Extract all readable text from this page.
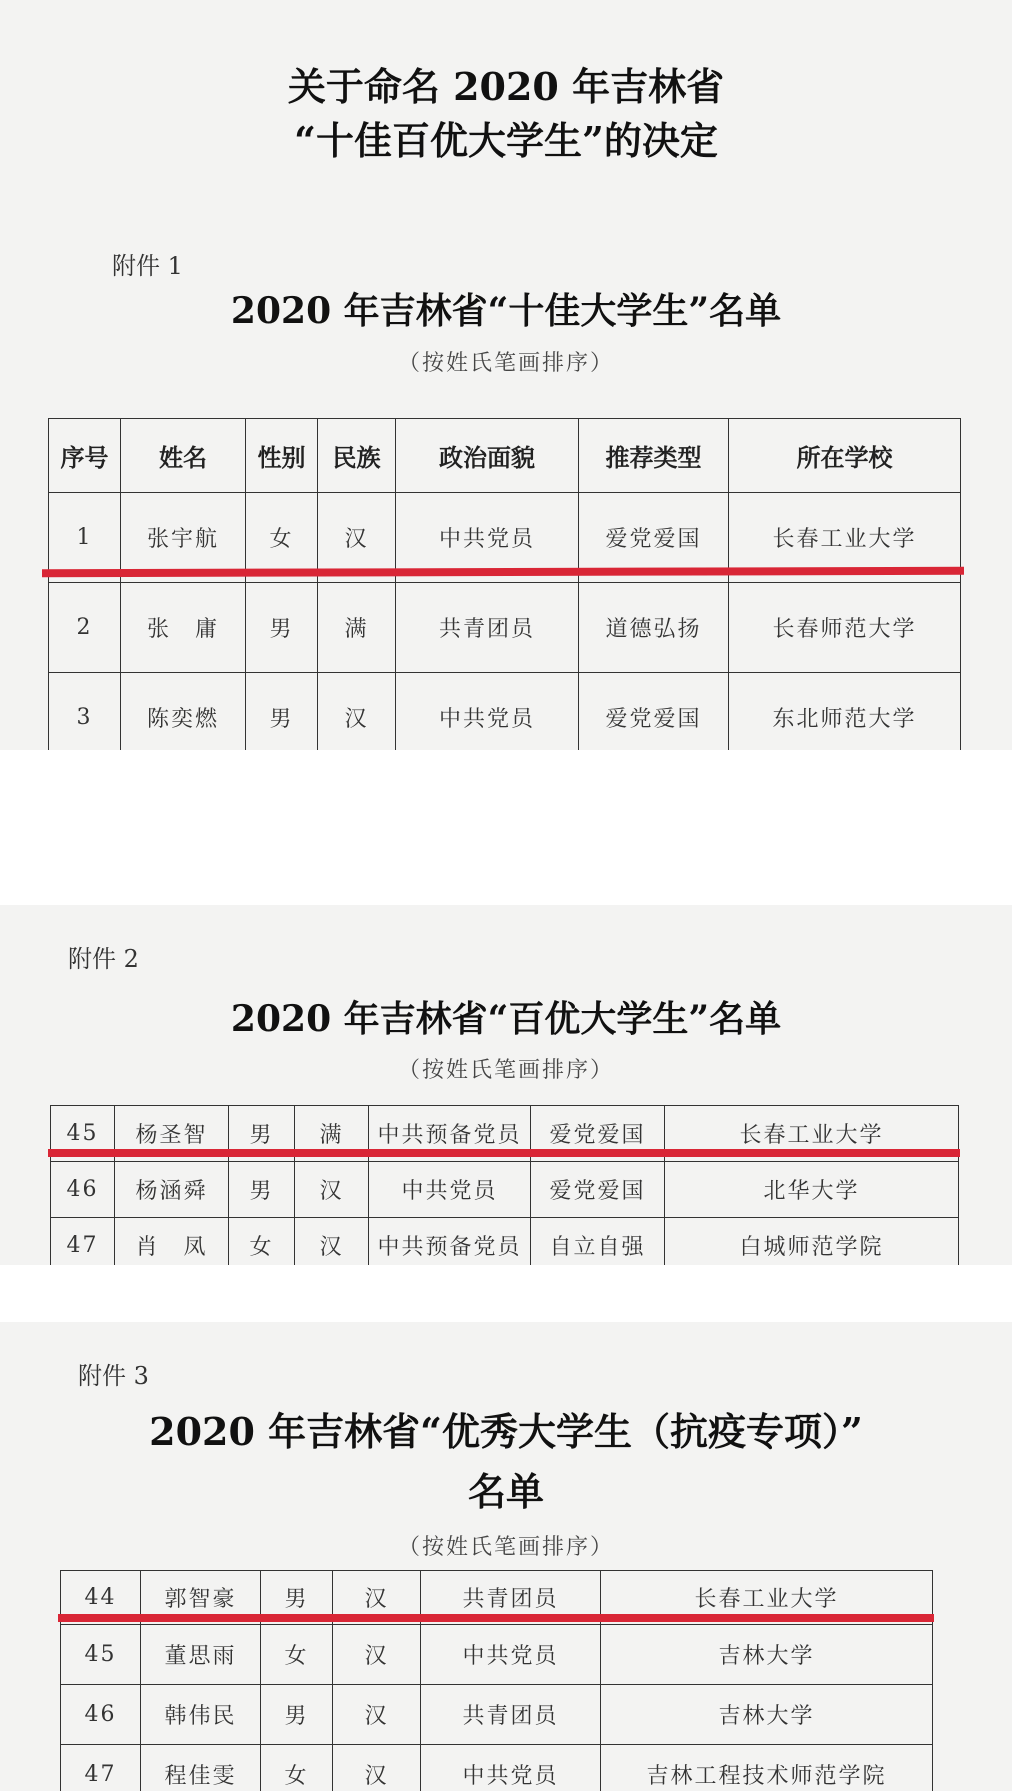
关于命名 2020 年吉林省
“十佳百优大学生”的决定
附件 1
2020 年吉林省“十佳大学生”名单
（按姓氏笔画排序）
序号	姓名	性别	民族	政治面貌	推荐类型	所在学校
1	张宇航	女	汉	中共党员	爱党爱国	长春工业大学
2	张　庸	男	满	共青团员	道德弘扬	长春师范大学
3	陈奕燃	男	汉	中共党员	爱党爱国	东北师范大学
附件 2
2020 年吉林省“百优大学生”名单
（按姓氏笔画排序）
45	杨圣智	男	满	中共预备党员	爱党爱国	长春工业大学
46	杨涵舜	男	汉	中共党员	爱党爱国	北华大学
47	肖　凤	女	汉	中共预备党员	自立自强	白城师范学院
附件 3
2020 年吉林省“优秀大学生（抗疫专项）”
名单
（按姓氏笔画排序）
44	郭智豪	男	汉	共青团员	长春工业大学
45	董思雨	女	汉	中共党员	吉林大学
46	韩伟民	男	汉	共青团员	吉林大学
47	程佳雯	女	汉	中共党员	吉林工程技术师范学院
